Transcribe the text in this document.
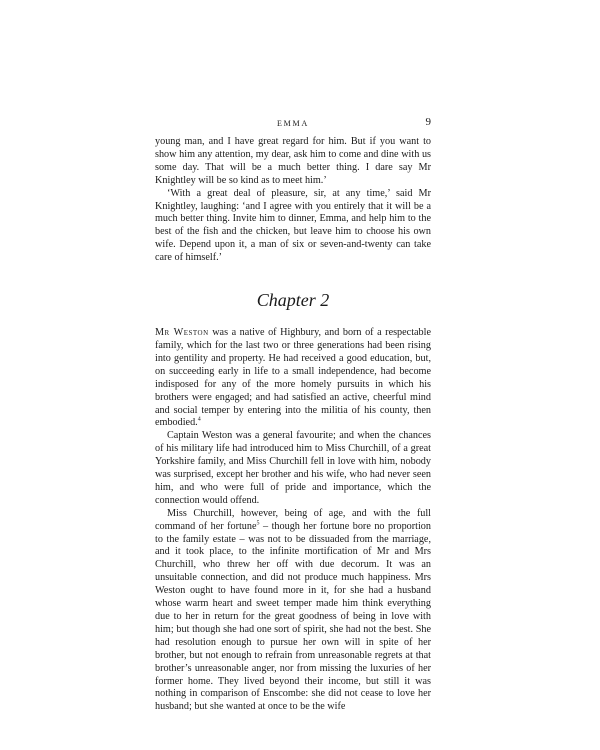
EMMA	9

young man, and I have great regard for him. But if you want to show him any attention, my dear, ask him to come and dine with us some day. That will be a much better thing. I dare say Mr Knightley will be so kind as to meet him.’

‘With a great deal of pleasure, sir, at any time,’ said Mr Knightley, laughing: ‘and I agree with you entirely that it will be a much better thing. Invite him to dinner, Emma, and help him to the best of the fish and the chicken, but leave him to choose his own wife. Depend upon it, a man of six or seven-and-twenty can take care of himself.’

Chapter 2

Mr Weston was a native of Highbury, and born of a respectable family, which for the last two or three generations had been rising into gentility and property. He had received a good education, but, on succeeding early in life to a small independence, had become indisposed for any of the more homely pursuits in which his brothers were engaged; and had satisfied an active, cheerful mind and social temper by entering into the militia of his county, then embodied.$^4$

Captain Weston was a general favourite; and when the chances of his military life had introduced him to Miss Churchill, of a great Yorkshire family, and Miss Churchill fell in love with him, nobody was surprised, except her brother and his wife, who had never seen him, and who were full of pride and importance, which the connection would offend.

Miss Churchill, however, being of age, and with the full command of her fortune$^5$ – though her fortune bore no proportion to the family estate – was not to be dissuaded from the marriage, and it took place, to the infinite mortification of Mr and Mrs Churchill, who threw her off with due decorum. It was an unsuitable connection, and did not produce much happiness. Mrs Weston ought to have found more in it, for she had a husband whose warm heart and sweet temper made him think everything due to her in return for the great goodness of being in love with him; but though she had one sort of spirit, she had not the best. She had resolution enough to pursue her own will in spite of her brother, but not enough to refrain from unreasonable regrets at that brother’s unreasonable anger, nor from missing the luxuries of her former home. They lived beyond their income, but still it was nothing in comparison of Enscombe: she did not cease to love her husband; but she wanted at once to be the wife
